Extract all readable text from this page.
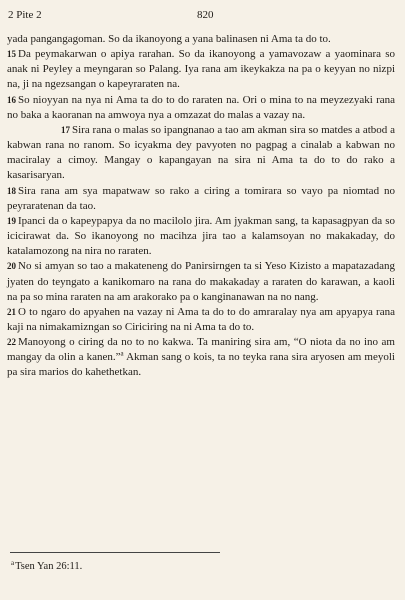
2 Pite 2	820

yada pangangagoman. So da ikanoyong a yana balinasen ni Ama ta do to.

15 Da peymakarwan o apiya rarahan. So da ikanoyong a yamavozaw a yaominara so anak ni Peyley a meyngaran so Palang. Iya rana am ikeykakza na pa o keyyan no nizpi na, ji na ngezsangan o kapeyraraten na.

16 So nioyyan na nya ni Ama ta do to do raraten na. Ori o mina to na meyzezyaki rana no baka a kaoranan na amwoya nya a omzazat do malas a vazay na.

17 Sira rana o malas so ipangnanao a tao am akman sira so matdes a atbod a kabwan rana no ranom. So icyakma dey pavyoten no pagpag a cinalab a kabwan no maciralay a cimoy. Mangay o kapangayan na sira ni Ama ta do to do rako a kasarisaryan.

18 Sira rana am sya mapatwaw so rako a ciring a tomirara so vayo pa niomtad no peyraratenan da tao.

19 Ipanci da o kapeypapya da no macilolo jira. Am jyakman sang, ta kapasagpyan da so icicirawat da. So ikanoyong no macihza jira tao a kalamsoyan no makakaday, do katalamozong na nira no raraten.

20 No si amyan so tao a makateneng do Panirsirngen ta si Yeso Kizisto a mapatazadang jyaten do teyngato a kanikomaro na rana do makakaday a raraten do karawan, a kaoli na pa so mina raraten na am arakorako pa o kanginanawan na no nang.

21 O to ngaro do apyahen na vazay ni Ama ta do to do amraralay nya am apyapya rana kaji na nimakamizngan so Ciriciring na ni Ama ta do to.

22 Manoyong o ciring da no to no kakwa. Ta maniring sira am, “O niota da no ino am mangay da olin a kanen.”$^a$ Akman sang o kois, ta no teyka rana sira aryosen am meyoli pa sira marios do kahethetkan.

$^a$Tsen Yan 26:11.
